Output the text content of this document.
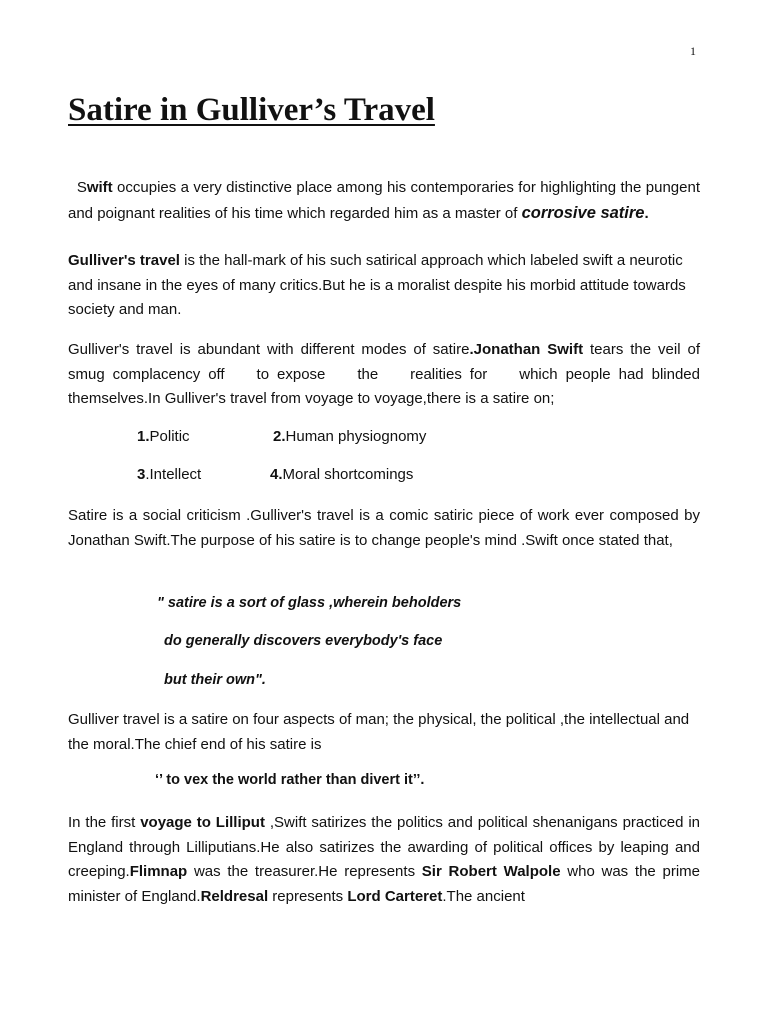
1
Satire in Gulliver’s Travel

Swift occupies a very distinctive place among his contemporaries for highlighting the pungent and poignant realities of his time which regarded him as a master of corrosive satire.

Gulliver's travel is the hall-mark of his such satirical approach which labeled swift a neurotic and insane in the eyes of many critics.But he is a moralist despite his morbid attitude towards society and man.

Gulliver's travel is abundant with different modes of satire.Jonathan Swift tears the veil of smug complacency off    to expose    the    realities for    which people had blinded themselves.In Gulliver's travel from voyage to voyage,there is a satire on;

1.Politic	2.Human physiognomy
3.Intellect	4.Moral shortcomings

Satire is a social criticism .Gulliver's travel is a comic satiric piece of work ever composed by Jonathan Swift.The purpose of his satire is to change people's mind .Swift once stated that,

" satire is a sort of glass ,wherein beholders
do generally discovers everybody's face
but their own".

Gulliver travel is a satire on four aspects of man; the physical, the political ,the intellectual and the moral.The chief end of his satire is

‘’ to vex the world rather than divert it’’.

In the first voyage to Lilliput ,Swift satirizes the politics and political shenanigans practiced in England through Lilliputians.He also satirizes the awarding of political offices by leaping and creeping.Flimnap was the treasurer.He represents Sir Robert Walpole who was the prime minister of England.Reldresal represents Lord Carteret.The ancient
